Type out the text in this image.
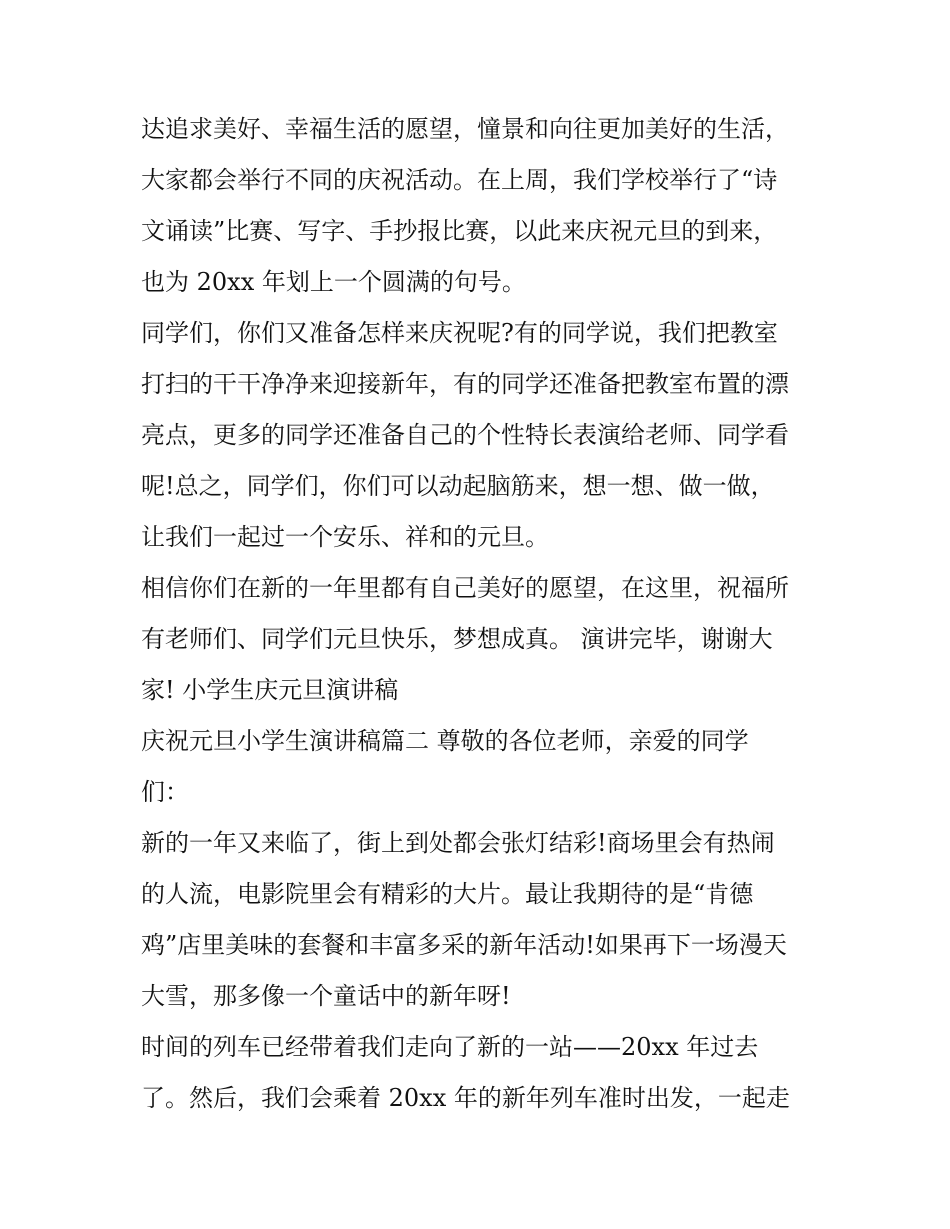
达追求美好、幸福生活的愿望，憧景和向往更加美好的生活，
大家都会举行不同的庆祝活动。在上周，我们学校举行了“诗
文诵读”比赛、写字、手抄报比赛，以此来庆祝元旦的到来，
也为 20xx 年划上一个圆满的句号。
同学们，你们又准备怎样来庆祝呢?有的同学说，我们把教室
打扫的干干净净来迎接新年，有的同学还准备把教室布置的漂
亮点，更多的同学还准备自己的个性特长表演给老师、同学看
呢!总之，同学们，你们可以动起脑筋来，想一想、做一做，
让我们一起过一个安乐、祥和的元旦。
相信你们在新的一年里都有自己美好的愿望，在这里，祝福所
有老师们、同学们元旦快乐，梦想成真。 演讲完毕，谢谢大
家! 小学生庆元旦演讲稿
庆祝元旦小学生演讲稿篇二 尊敬的各位老师，亲爱的同学
们：
新的一年又来临了，街上到处都会张灯结彩!商场里会有热闹
的人流，电影院里会有精彩的大片。最让我期待的是“肯德
鸡”店里美味的套餐和丰富多采的新年活动!如果再下一场漫天
大雪，那多像一个童话中的新年呀!
时间的列车已经带着我们走向了新的一站——20xx 年过去
了。然后，我们会乘着 20xx 年的新年列车准时出发，一起走
